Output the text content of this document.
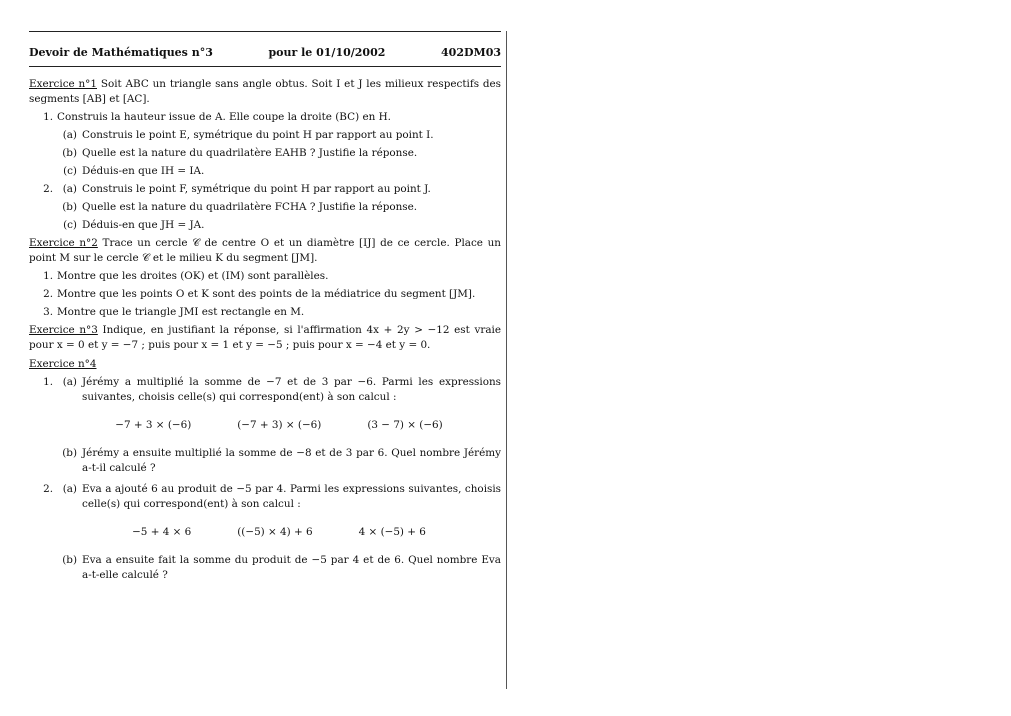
Devoir de Mathématiques n°3	pour le 01/10/2002	402DM03

Exercice n°1 Soit ABC un triangle sans angle obtus. Soit I et J les milieux respectifs des segments [AB] et [AC].

1. Construis la hauteur issue de A. Elle coupe la droite (BC) en H.
(a) Construis le point E, symétrique du point H par rapport au point I.
(b) Quelle est la nature du quadrilatère EAHB ? Justifie la réponse.
(c) Déduis-en que IH = IA.
2. (a) Construis le point F, symétrique du point H par rapport au point J.
(b) Quelle est la nature du quadrilatère FCHA ? Justifie la réponse.
(c) Déduis-en que JH = JA.

Exercice n°2 Trace un cercle 𝒞 de centre O et un diamètre [IJ] de ce cercle. Place un point M sur le cercle 𝒞 et le milieu K du segment [JM].

1. Montre que les droites (OK) et (IM) sont parallèles.
2. Montre que les points O et K sont des points de la médiatrice du segment [JM].
3. Montre que le triangle JMI est rectangle en M.

Exercice n°3 Indique, en justifiant la réponse, si l'affirmation 4x + 2y > −12 est vraie pour x = 0 et y = −7 ; puis pour x = 1 et y = −5 ; puis pour x = −4 et y = 0.

Exercice n°4

1. (a) Jérémy a multiplié la somme de −7 et de 3 par −6. Parmi les expressions suivantes, choisis celle(s) qui correspond(ent) à son calcul :
−7 + 3 × (−6)	(−7 + 3) × (−6)	(3 − 7) × (−6)
(b) Jérémy a ensuite multiplié la somme de −8 et de 3 par 6. Quel nombre Jérémy a-t-il calculé ?
2. (a) Eva a ajouté 6 au produit de −5 par 4. Parmi les expressions suivantes, choisis celle(s) qui correspond(ent) à son calcul :
−5 + 4 × 6	((−5) × 4) + 6	4 × (−5) + 6
(b) Eva a ensuite fait la somme du produit de −5 par 4 et de 6. Quel nombre Eva a-t-elle calculé ?
